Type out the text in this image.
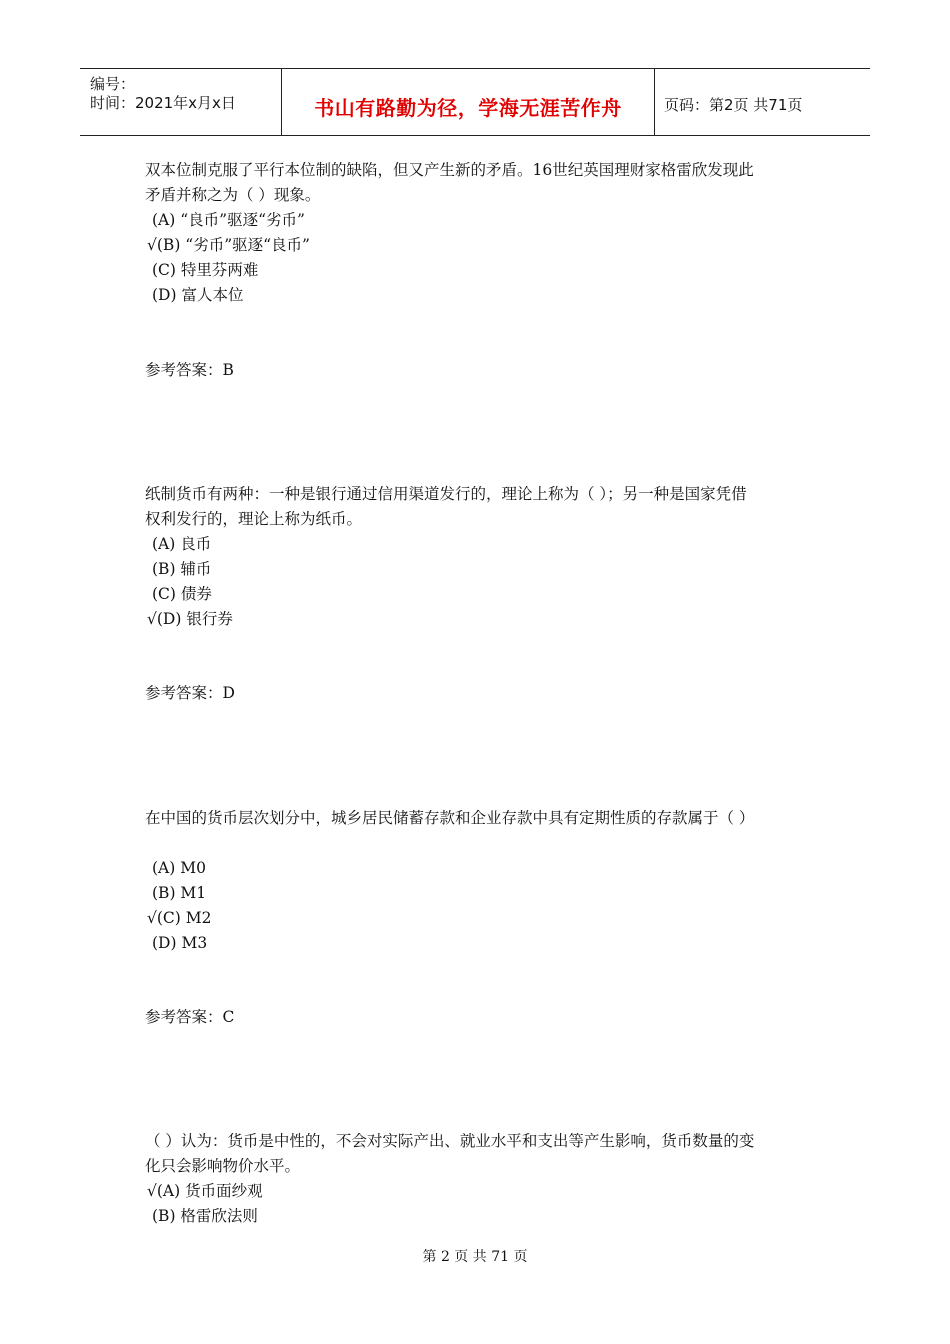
编号：
时间：2021年x月x日	书山有路勤为径，学海无涯苦作舟	页码：第2页 共71页

双本位制克服了平行本位制的缺陷，但又产生新的矛盾。16世纪英国理财家格雷欣发现此

矛盾并称之为（ ）现象。

(A) “良币”驱逐“劣币”

√(B) “劣币”驱逐“良币”

(C) 特里芬两难

(D) 富人本位

参考答案：B

纸制货币有两种：一种是银行通过信用渠道发行的，理论上称为（ ）；另一种是国家凭借

权利发行的，理论上称为纸币。

(A) 良币

(B) 辅币

(C) 债券

√(D) 银行券

参考答案：D

在中国的货币层次划分中，城乡居民储蓄存款和企业存款中具有定期性质的存款属于（ ）

(A) M0

(B) M1

√(C) M2

(D) M3

参考答案：C

（ ）认为：货币是中性的，不会对实际产出、就业水平和支出等产生影响，货币数量的变

化只会影响物价水平。

√(A) 货币面纱观

(B) 格雷欣法则

第 2 页 共 71 页
